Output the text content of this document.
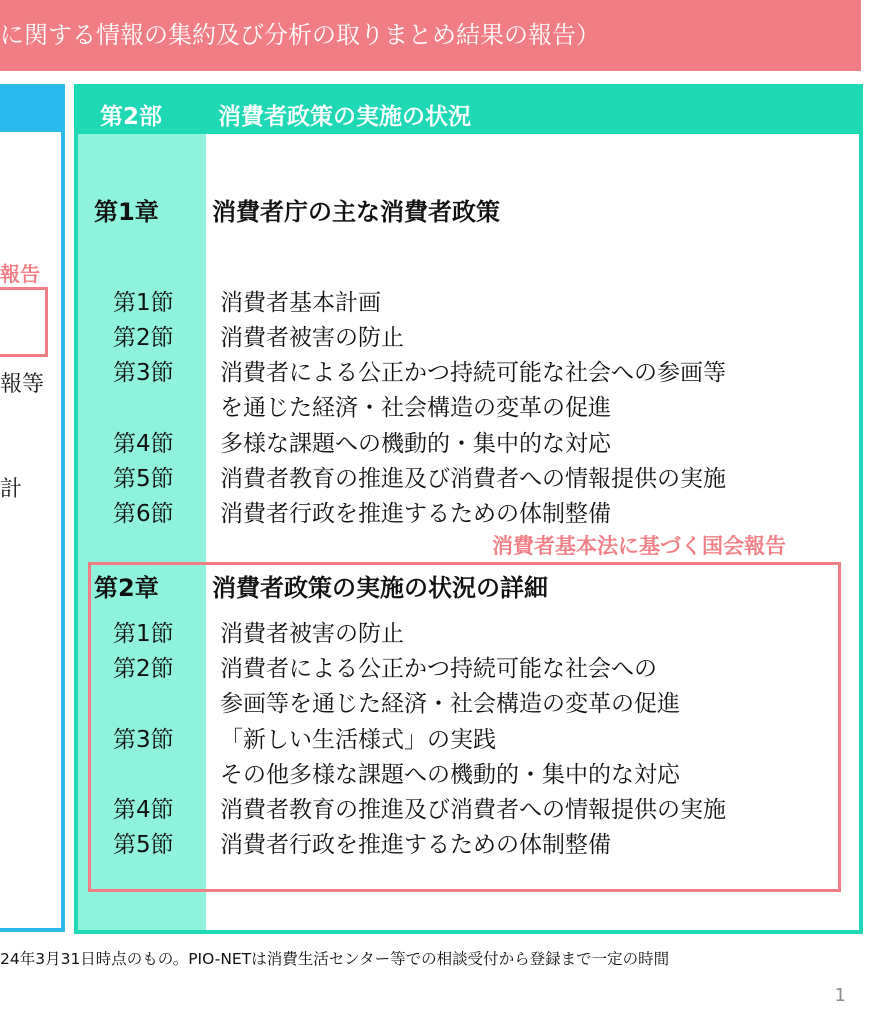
に関する情報の集約及び分析の取りまとめ結果の報告）
報告
報等
計
第2部 消費者政策の実施の状況
第1章 消費者庁の主な消費者政策
第1節 消費者基本計画
第2節 消費者被害の防止
第3節 消費者による公正かつ持続可能な社会への参画等
を通じた経済・社会構造の変革の促進
第4節 多様な課題への機動的・集中的な対応
第5節 消費者教育の推進及び消費者への情報提供の実施
第6節 消費者行政を推進するための体制整備
消費者基本法に基づく国会報告
第2章 消費者政策の実施の状況の詳細
第1節 消費者被害の防止
第2節 消費者による公正かつ持続可能な社会への
参画等を通じた経済・社会構造の変革の促進
第3節 「新しい生活様式」の実践
その他多様な課題への機動的・集中的な対応
第4節 消費者教育の推進及び消費者への情報提供の実施
第5節 消費者行政を推進するための体制整備
24年3月31日時点のもの。PIO-NETは消費生活センター等での相談受付から登録まで一定の時間
1
